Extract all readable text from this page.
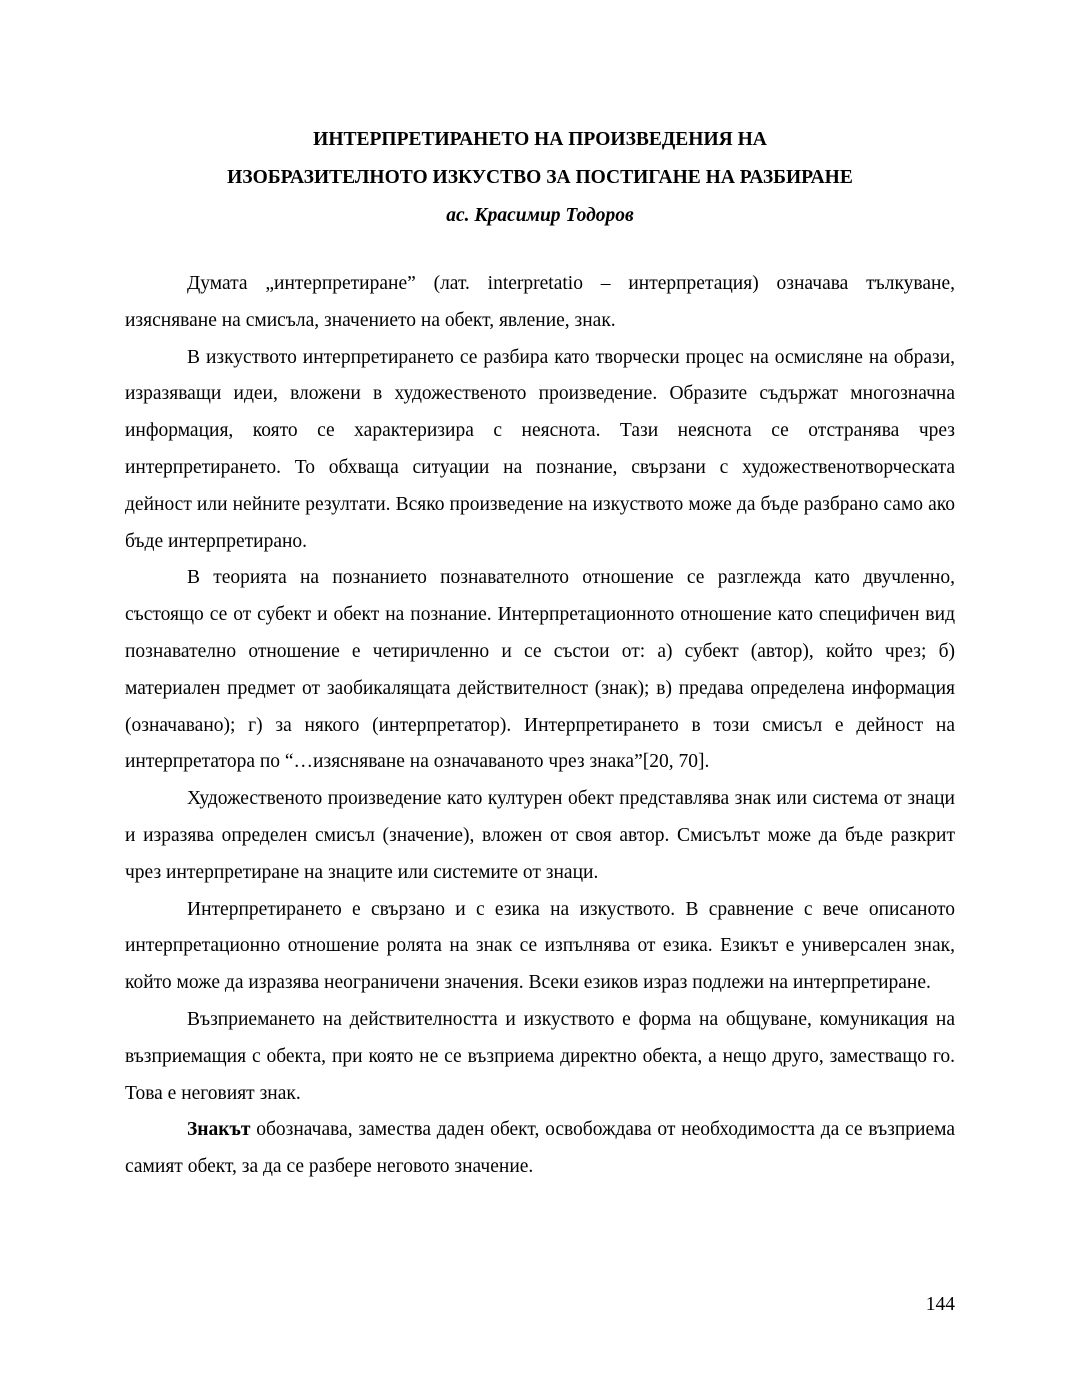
ИНТЕРПРЕТИРАНЕТО НА ПРОИЗВЕДЕНИЯ НА

ИЗОБРАЗИТЕЛНОТО ИЗКУСТВО ЗА ПОСТИГАНЕ НА РАЗБИРАНЕ

ас. Красимир Тодоров

Думата „интерпретиране” (лат. interpretatio – интерпретация) означава тълкуване, изясняване на смисъла, значението на обект, явление, знак.

В изкуството интерпретирането се разбира като творчески процес на осмисляне на образи, изразяващи идеи, вложени в художественото произведение. Образите съдържат многозначна информация, която се характеризира с неяснота. Тази неяснота се отстранява чрез интерпретирането. То обхваща ситуации на познание, свързани с художественотворческата дейност или нейните резултати. Всяко произведение на изкуството може да бъде разбрано само ако бъде интерпретирано.

В теорията на познанието познавателното отношение се разглежда като двучленно, състоящо се от субект и обект на познание. Интерпретационното отношение като специфичен вид познавателно отношение е четиричленно и се състои от: а) субект (автор), който чрез; б) материален предмет от заобикалящата действителност (знак); в) предава определена информация (означавано); г) за някого (интерпретатор). Интерпретирането в този смисъл е дейност на интерпретатора по “…изясняване на означаваното чрез знака”[20, 70].

Художественото произведение като културен обект представлява знак или система от знаци и изразява определен смисъл (значение), вложен от своя автор. Смисълът може да бъде разкрит чрез интерпретиране на знаците или системите от знаци.

Интерпретирането е свързано и с езика на изкуството. В сравнение с вече описаното интерпретационно отношение ролята на знак се изпълнява от езика. Езикът е универсален знак, който може да изразява неограничени значения. Всеки езиков израз подлежи на интерпретиране.

Възприемането на действителността и изкуството е форма на общуване, комуникация на възприемащия с обекта, при която не се възприема директно обекта, а нещо друго, заместващо го. Това е неговият знак.

Знакът обозначава, замества даден обект, освобождава от необходимостта да се възприема самият обект, за да се разбере неговото значение.

144
